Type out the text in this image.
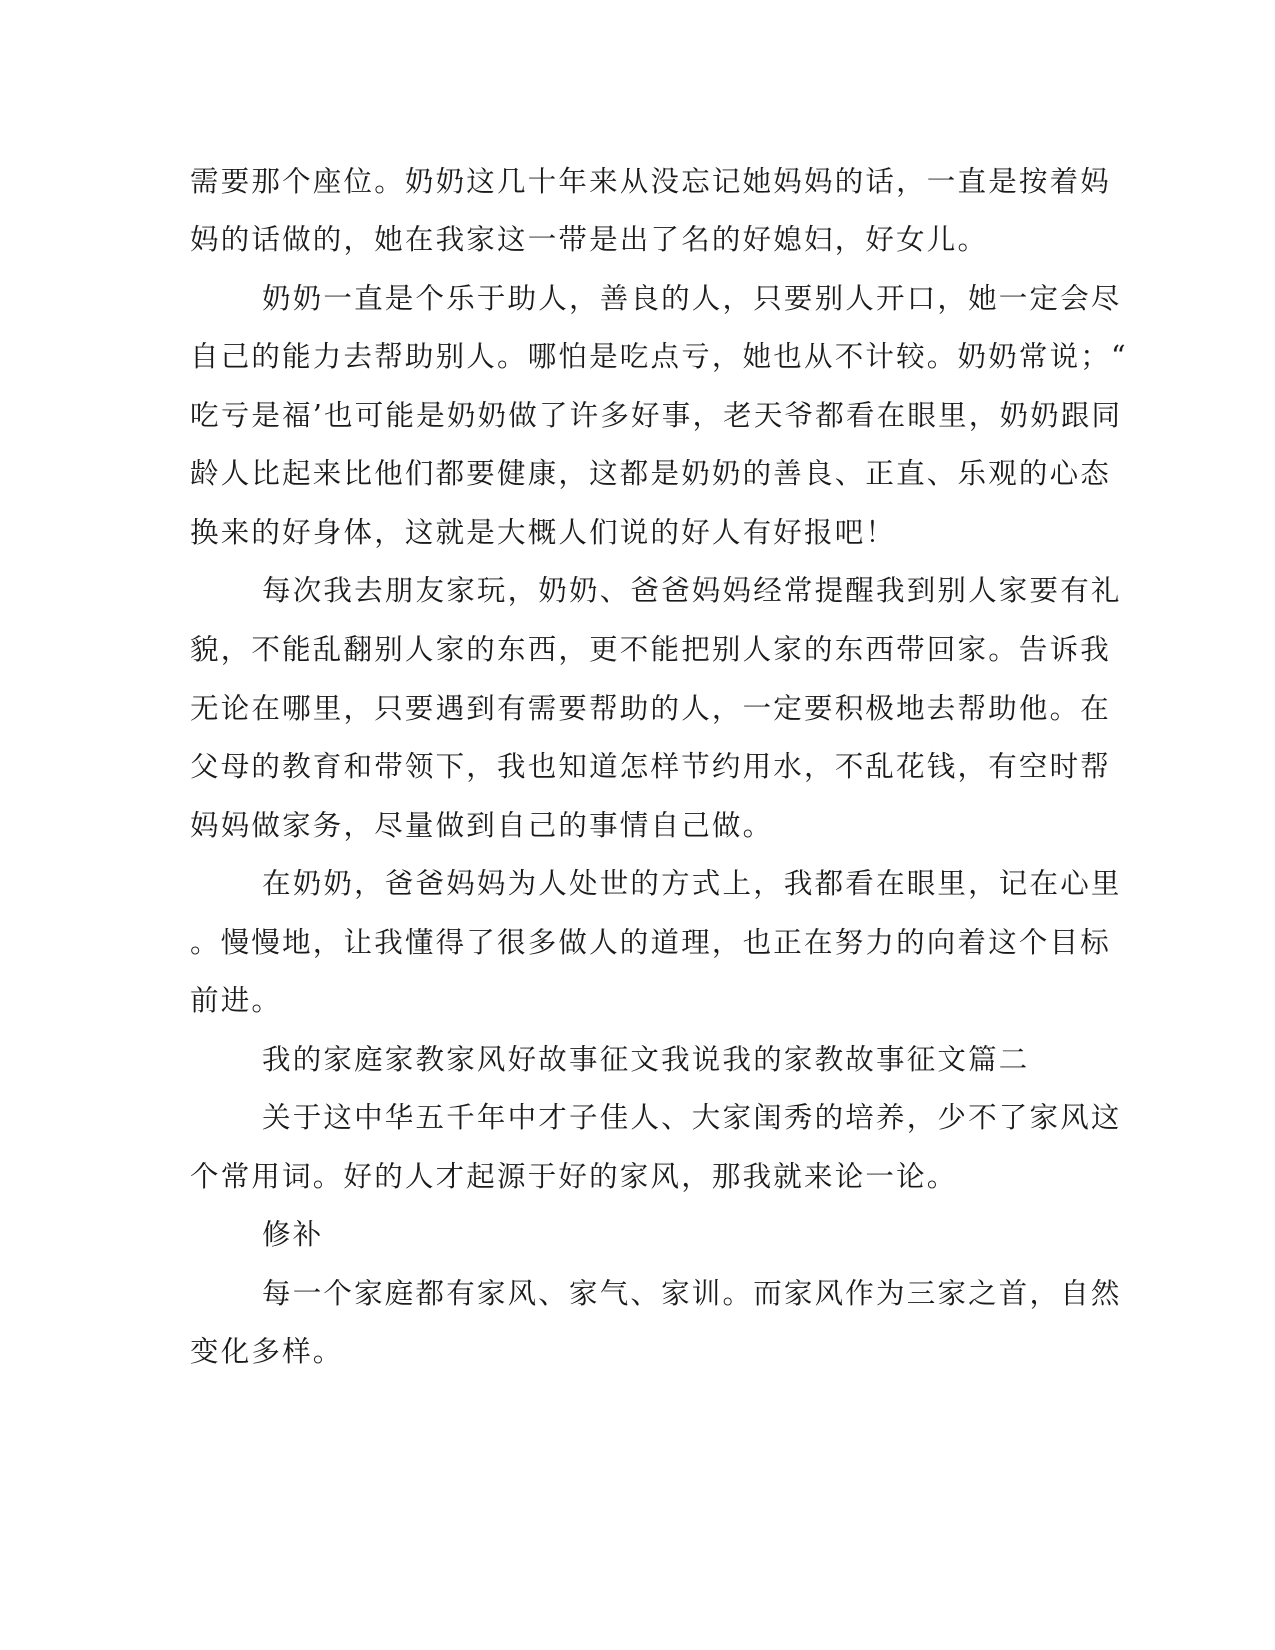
需要那个座位。奶奶这几十年来从没忘记她妈妈的话，一直是按着妈
妈的话做的，她在我家这一带是出了名的好媳妇，好女儿。
奶奶一直是个乐于助人，善良的人，只要别人开口，她一定会尽
自己的能力去帮助别人。哪怕是吃点亏，她也从不计较。奶奶常说；“
吃亏是福’也可能是奶奶做了许多好事，老天爷都看在眼里，奶奶跟同
龄人比起来比他们都要健康，这都是奶奶的善良、正直、乐观的心态
换来的好身体，这就是大概人们说的好人有好报吧！
每次我去朋友家玩，奶奶、爸爸妈妈经常提醒我到别人家要有礼
貌，不能乱翻别人家的东西，更不能把别人家的东西带回家。告诉我
无论在哪里，只要遇到有需要帮助的人，一定要积极地去帮助他。在
父母的教育和带领下，我也知道怎样节约用水，不乱花钱，有空时帮
妈妈做家务，尽量做到自己的事情自己做。
在奶奶，爸爸妈妈为人处世的方式上，我都看在眼里，记在心里
。慢慢地，让我懂得了很多做人的道理，也正在努力的向着这个目标
前进。
我的家庭家教家风好故事征文我说我的家教故事征文篇二
关于这中华五千年中才子佳人、大家闺秀的培养，少不了家风这
个常用词。好的人才起源于好的家风，那我就来论一论。
修补
每一个家庭都有家风、家气、家训。而家风作为三家之首，自然
变化多样。
